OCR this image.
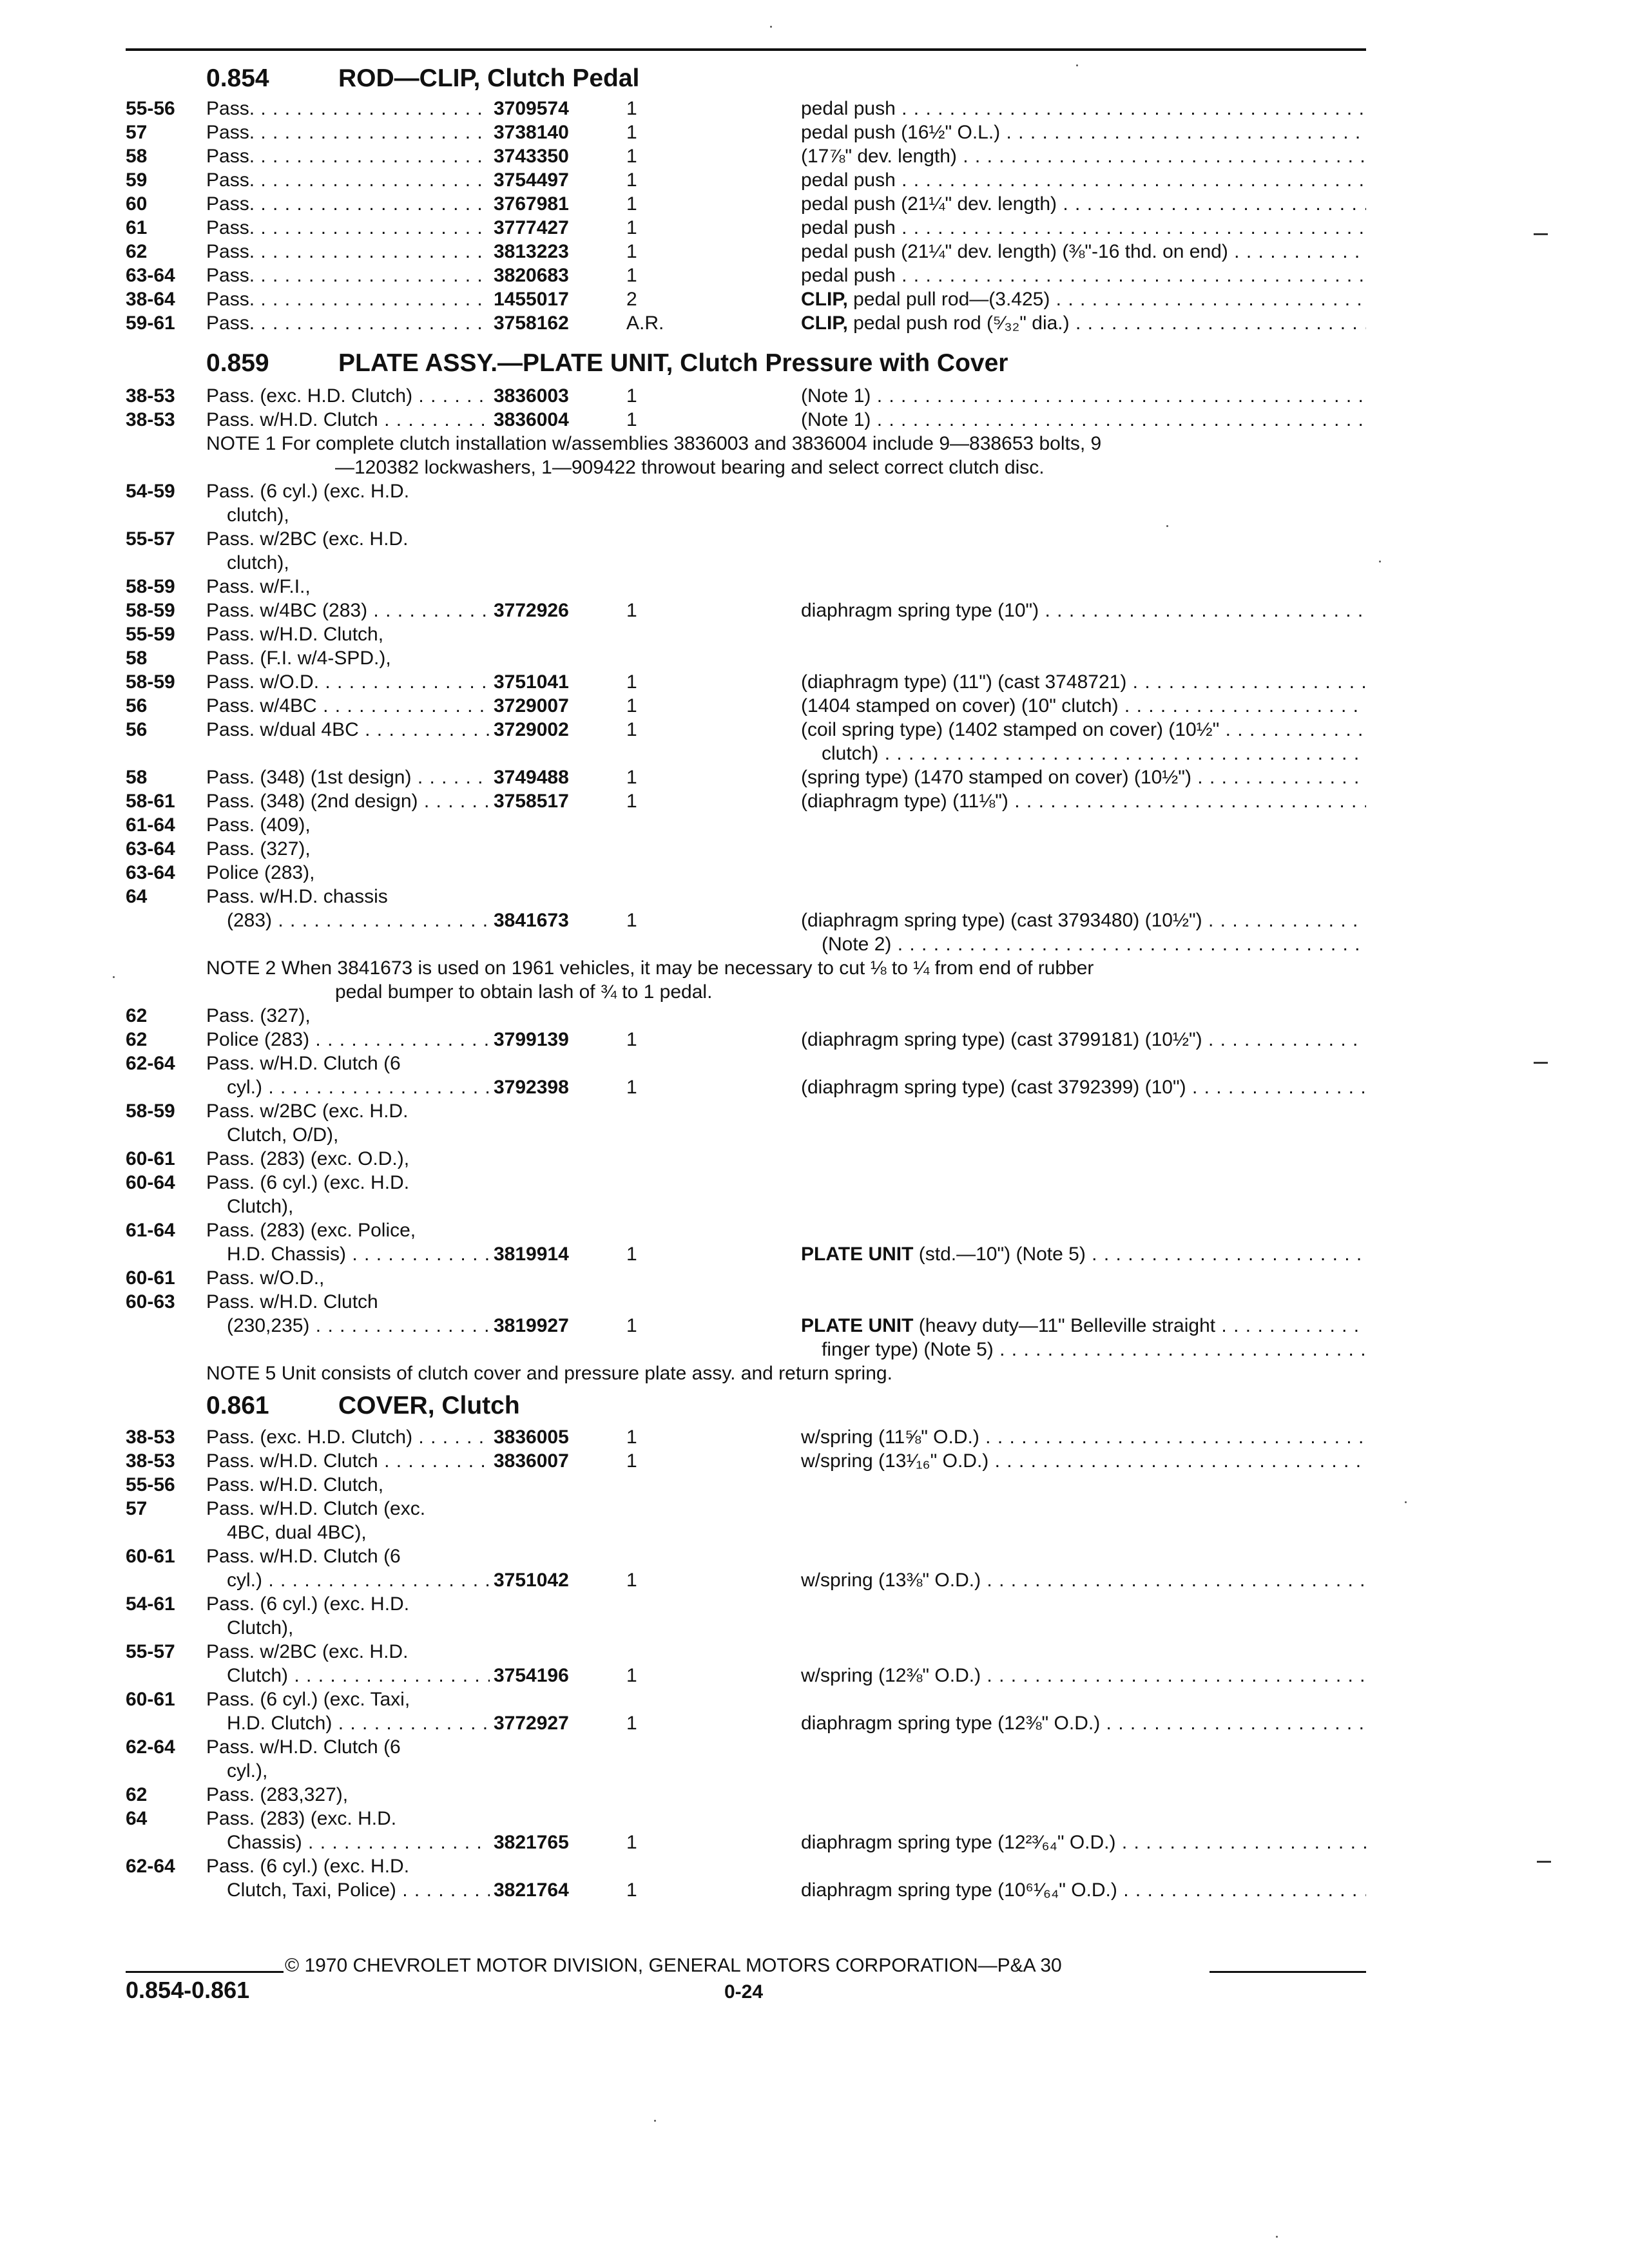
0.854	ROD—CLIP, Clutch Pedal
55-56 Pass. . . .	3709574	1	pedal push . . .
57	Pass. . . .	3738140	1	pedal push (16½" O.L.) . . .
58	Pass. . . .	3743350	1	(17⅞" dev. length) . . .
59	Pass. . . .	3754497	1	pedal push . . .
60	Pass. . . .	3767981	1	pedal push (21¼" dev. length) . . .
61	Pass. . . .	3777427	1	pedal push . . .
62	Pass. . . .	3813223	1	pedal push (21¼" dev. length) (⅜"-16 thd. on end) . . .
63-64 Pass. . . .	3820683	1	pedal push . . .
38-64 Pass. . . .	1455017	2	CLIP, pedal pull rod—(3.425) . . .
59-61 Pass. . . .	3758162	A.R.	CLIP, pedal push rod (⁵⁄₃₂" dia.) . . .
0.859	PLATE ASSY.—PLATE UNIT, Clutch Pressure with Cover
38-53 Pass. (exc. H.D. Clutch) . . .	3836003	1	(Note 1) . . .
38-53 Pass. w/H.D. Clutch . . .	3836004	1	(Note 1) . . .
NOTE 1 For complete clutch installation w/assemblies 3836003 and 3836004 include 9—838653 bolts, 9
—120382 lockwashers, 1—909422 throwout bearing and select correct clutch disc.
54-59 Pass. (6 cyl.) (exc. H.D.
clutch),
55-57 Pass. w/2BC (exc. H.D.
clutch),
58-59 Pass. w/F.I.,
58-59 Pass. w/4BC (283) . . .	3772926	1	diaphragm spring type (10") . . .
55-59 Pass. w/H.D. Clutch,
58	Pass. (F.I. w/4-SPD.),
58-59 Pass. w/O.D. . . .	3751041	1	(diaphragm type) (11") (cast 3748721) . . .
56	Pass. w/4BC . . .	3729007	1	(1404 stamped on cover) (10" clutch) . . .
56	Pass. w/dual 4BC . . .	3729002	1	(coil spring type) (1402 stamped on cover) (10½" . . .
clutch) . . .
58	Pass. (348) (1st design) . . .	3749488	1	(spring type) (1470 stamped on cover) (10½") . . .
58-61 Pass. (348) (2nd design) . . .	3758517	1	(diaphragm type) (11⅛") . . .
61-64 Pass. (409),
63-64 Pass. (327),
63-64 Police (283),
64	Pass. w/H.D. chassis
(283) . . .	3841673	1	(diaphragm spring type) (cast 3793480) (10½") . . .
(Note 2) . . .
NOTE 2 When 3841673 is used on 1961 vehicles, it may be necessary to cut ⅛ to ¼ from end of rubber
pedal bumper to obtain lash of ¾ to 1 pedal.
62	Pass. (327),
62	Police (283) . . .	3799139	1	(diaphragm spring type) (cast 3799181) (10½") . . .
62-64 Pass. w/H.D. Clutch (6
cyl.) . . .	3792398	1	(diaphragm spring type) (cast 3792399) (10") . . .
58-59 Pass. w/2BC (exc. H.D.
Clutch, O/D),
60-61 Pass. (283) (exc. O.D.),
60-64 Pass. (6 cyl.) (exc. H.D.
Clutch),
61-64 Pass. (283) (exc. Police,
H.D. Chassis) . . .	3819914	1	PLATE UNIT (std.—10") (Note 5) . . .
60-61 Pass. w/O.D.,
60-63 Pass. w/H.D. Clutch
(230,235) . . .	3819927	1	PLATE UNIT (heavy duty—11" Belleville straight . . .
finger type) (Note 5) . . .
NOTE 5 Unit consists of clutch cover and pressure plate assy. and return spring.
0.861	COVER, Clutch
38-53 Pass. (exc. H.D. Clutch) . . .	3836005	1	w/spring (11⅝" O.D.) . . .
38-53 Pass. w/H.D. Clutch . . .	3836007	1	w/spring (13¹⁄₁₆" O.D.) . . .
55-56 Pass. w/H.D. Clutch,
57	Pass. w/H.D. Clutch (exc.
4BC, dual 4BC),
60-61 Pass. w/H.D. Clutch (6
cyl.) . . .	3751042	1	w/spring (13⅜" O.D.) . . .
54-61 Pass. (6 cyl.) (exc. H.D.
Clutch),
55-57 Pass. w/2BC (exc. H.D.
Clutch) . . .	3754196	1	w/spring (12⅜" O.D.) . . .
60-61 Pass. (6 cyl.) (exc. Taxi,
H.D. Clutch) . . .	3772927	1	diaphragm spring type (12⅜" O.D.) . . .
62-64 Pass. w/H.D. Clutch (6
cyl.),
62	Pass. (283,327),
64	Pass. (283) (exc. H.D.
Chassis) . . .	3821765	1	diaphragm spring type (12²³⁄₆₄" O.D.) . . .
62-64 Pass. (6 cyl.) (exc. H.D.
Clutch, Taxi, Police) . . .	3821764	1	diaphragm spring type (10⁶¹⁄₆₄" O.D.) . . .
© 1970 CHEVROLET MOTOR DIVISION, GENERAL MOTORS CORPORATION—P&A 30
0.854-0.861	0-24
